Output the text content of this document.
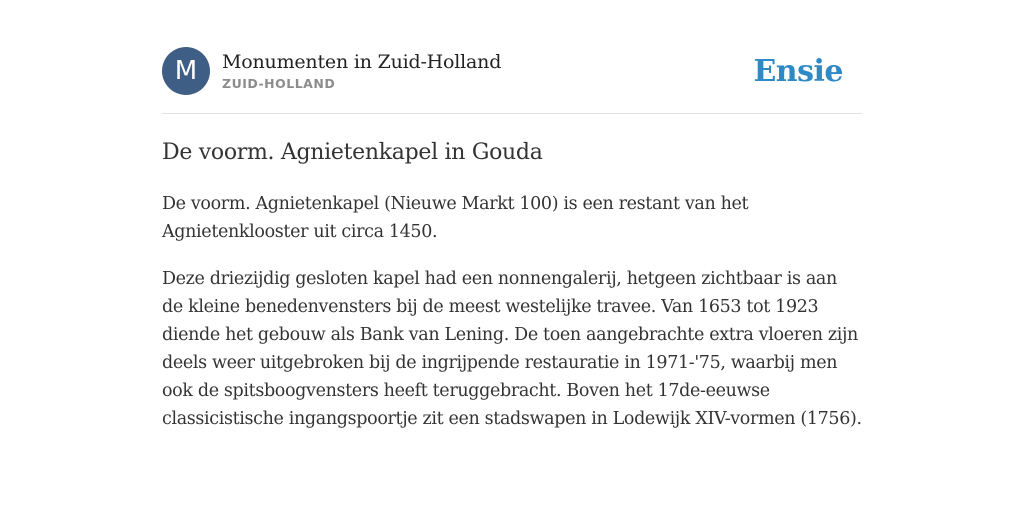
M	Monumenten in Zuid-Holland
ZUID-HOLLAND	Ensie
De voorm. Agnietenkapel in Gouda

De voorm. Agnietenkapel (Nieuwe Markt 100) is een restant van het Agnietenklooster uit circa 1450.

Deze driezijdig gesloten kapel had een nonnengalerij, hetgeen zichtbaar is aan de kleine benedenvensters bij de meest westelijke travee. Van 1653 tot 1923 diende het gebouw als Bank van Lening. De toen aangebrachte extra vloeren zijn deels weer uitgebroken bij de ingrijpende restauratie in 1971-'75, waarbij men ook de spitsboogvensters heeft teruggebracht. Boven het 17de-eeuwse classicistische ingangspoortje zit een stadswapen in Lodewijk XIV-vormen (1756).
